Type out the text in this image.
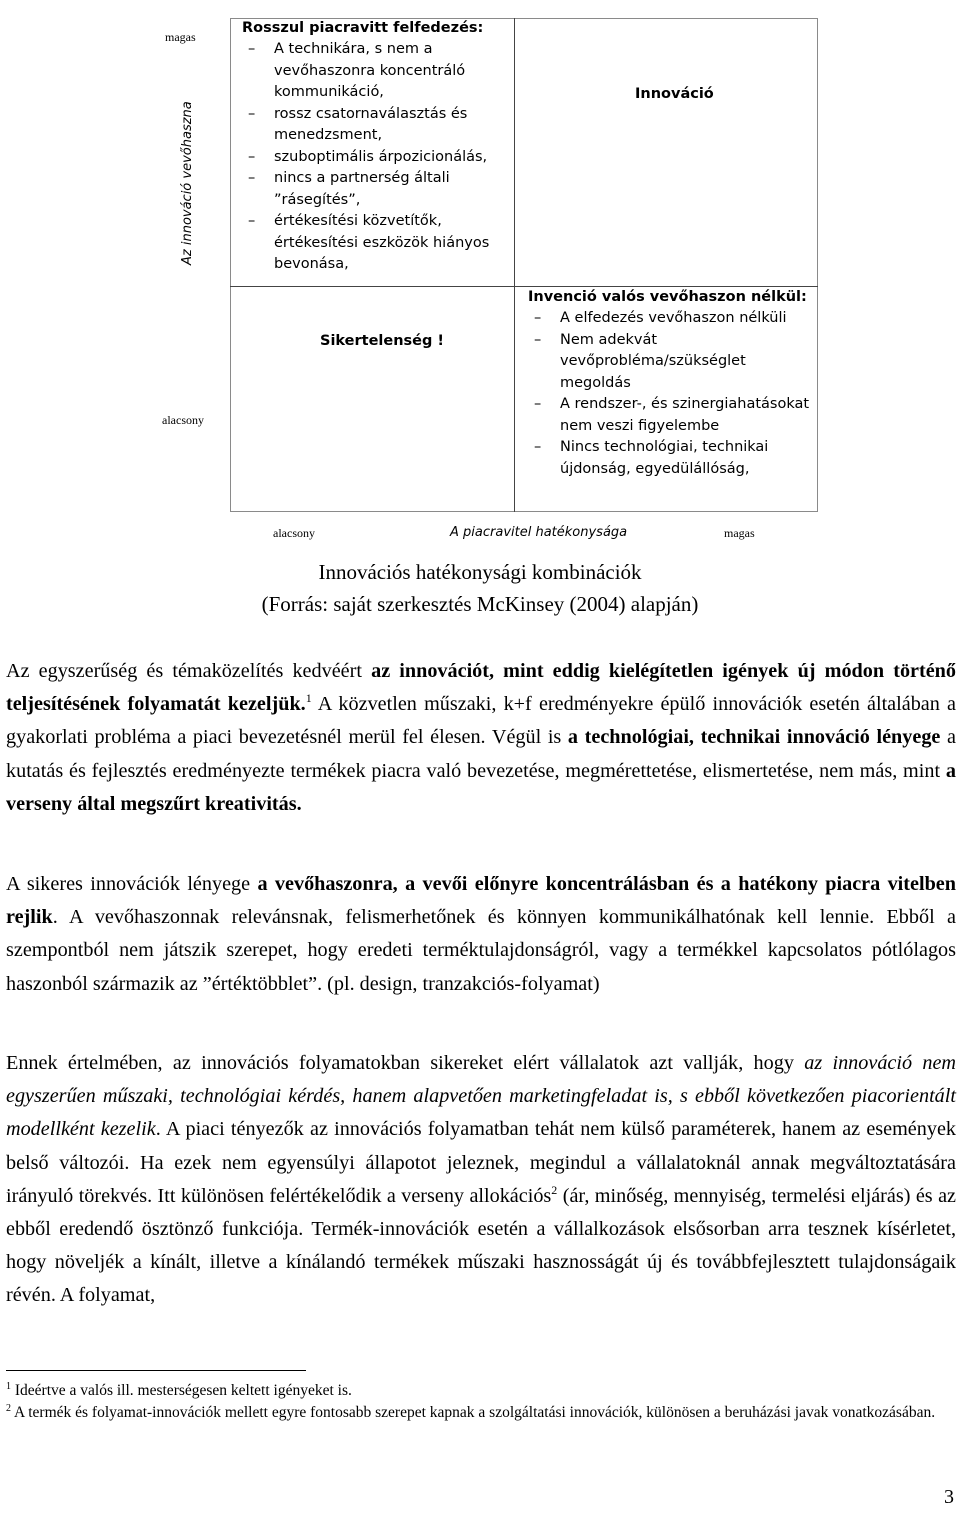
magas
Az innováció vevőhaszna
alacsony

Rosszul piacravitt felfedezés:

– A technikára, s nem a vevőhaszonra koncentráló kommunikáció,
– rossz csatornaválasztás és menedzsment,
– szuboptimális árpozicionálás,
– nincs a partnerség általi ”rásegítés”,
– értékesítési közvetítők, értékesítési eszközök hiányos bevonása,
Innováció
Sikertelenség !

Invenció valós vevőhaszon nélkül:

– A elfedezés vevőhaszon nélküli
– Nem adekvát vevőprobléma/szükséglet megoldás
– A rendszer-, és szinergiahatásokat nem veszi figyelembe
– Nincs technológiai, technikai újdonság, egyedülállóság,
alacsony	A piacravitel hatékonysága	magas
Innovációs hatékonysági kombinációk
(Forrás: saját szerkesztés McKinsey (2004) alapján)

Az egyszerűség és témaközelítés kedvéért az innovációt, mint eddig kielégítetlen igények új módon történő teljesítésének folyamatát kezeljük.$^1$ A közvetlen műszaki, k+f eredményekre épülő innovációk esetén általában a gyakorlati probléma a piaci bevezetésnél merül fel élesen. Végül is a technológiai, technikai innováció lényege a kutatás és fejlesztés eredményezte termékek piacra való bevezetése, megmérettetése, elismertetése, nem más, mint a verseny által megszűrt kreativitás.

A sikeres innovációk lényege a vevőhaszonra, a vevői előnyre koncentrálásban és a hatékony piacra vitelben rejlik. A vevőhaszonnak relevánsnak, felismerhetőnek és könnyen kommunikálhatónak kell lennie. Ebből a szempontból nem játszik szerepet, hogy eredeti terméktulajdonságról, vagy a termékkel kapcsolatos pótlólagos haszonból származik az ”értéktöbblet”. (pl. design, tranzakciós-folyamat)

Ennek értelmében, az innovációs folyamatokban sikereket elért vállalatok azt vallják, hogy az innováció nem egyszerűen műszaki, technológiai kérdés, hanem alapvetően marketingfeladat is, s ebből következően piacorientált modellként kezelik. A piaci tényezők az innovációs folyamatban tehát nem külső paraméterek, hanem az események belső változói. Ha ezek nem egyensúlyi állapotot jeleznek, megindul a vállalatoknál annak megváltoztatására irányuló törekvés. Itt különösen felértékelődik a verseny allokációs$^2$ (ár, minőség, mennyiség, termelési eljárás) és az ebből eredendő ösztönző funkciója. Termék-innovációk esetén a vállalkozások elsősorban arra tesznek kísérletet, hogy növeljék a kínált, illetve a kínálandó termékek műszaki hasznosságát új és továbbfejlesztett tulajdonságaik révén. A folyamat,

$^1$ Ideértve a valós ill. mesterségesen keltett igényeket is.

$^2$ A termék és folyamat-innovációk mellett egyre fontosabb szerepet kapnak a szolgáltatási innovációk, különösen a beruházási javak vonatkozásában.

3
